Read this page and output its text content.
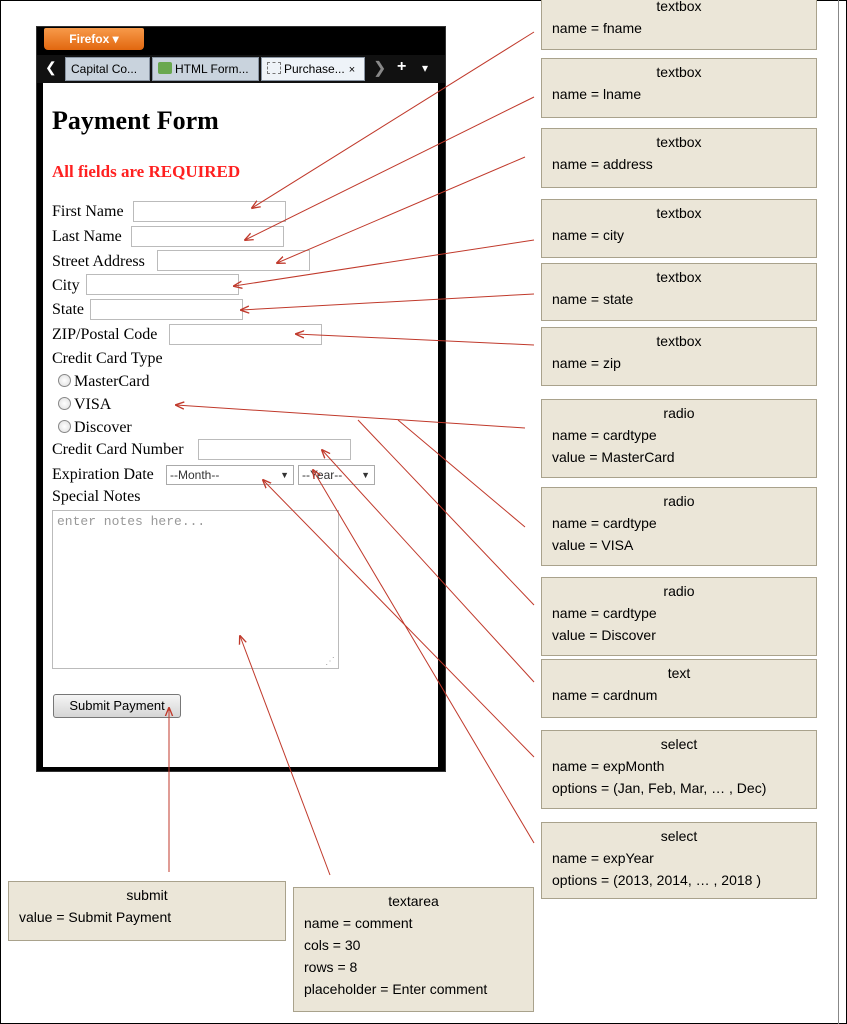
Firefox ▾
❮	Capital Co...	HTML Form...	Purchase... ×	❯ + ▾
Payment Form
All fields are REQUIRED
First Name
Last Name
Street Address
City
State
ZIP/Postal Code
Credit Card Type
MasterCard
VISA
Discover
Credit Card Number
Expiration Date	--Month--	▼	--Year-- ▼
Special Notes
enter notes here...
⋰
Submit Payment
textbox
name = fname
textbox
name = lname
textbox
name = address
textbox
name = city
textbox
name = state
textbox
name = zip
radio
name = cardtype
value = MasterCard
radio
name = cardtype
value = VISA
radio
name = cardtype
value = Discover
text
name = cardnum
select
name = expMonth
options = (Jan, Feb, Mar, … , Dec)
select
name = expYear
options = (2013, 2014, … , 2018 )
submit
value = Submit Payment
textarea
name = comment
cols = 30
rows = 8
placeholder = Enter comment
